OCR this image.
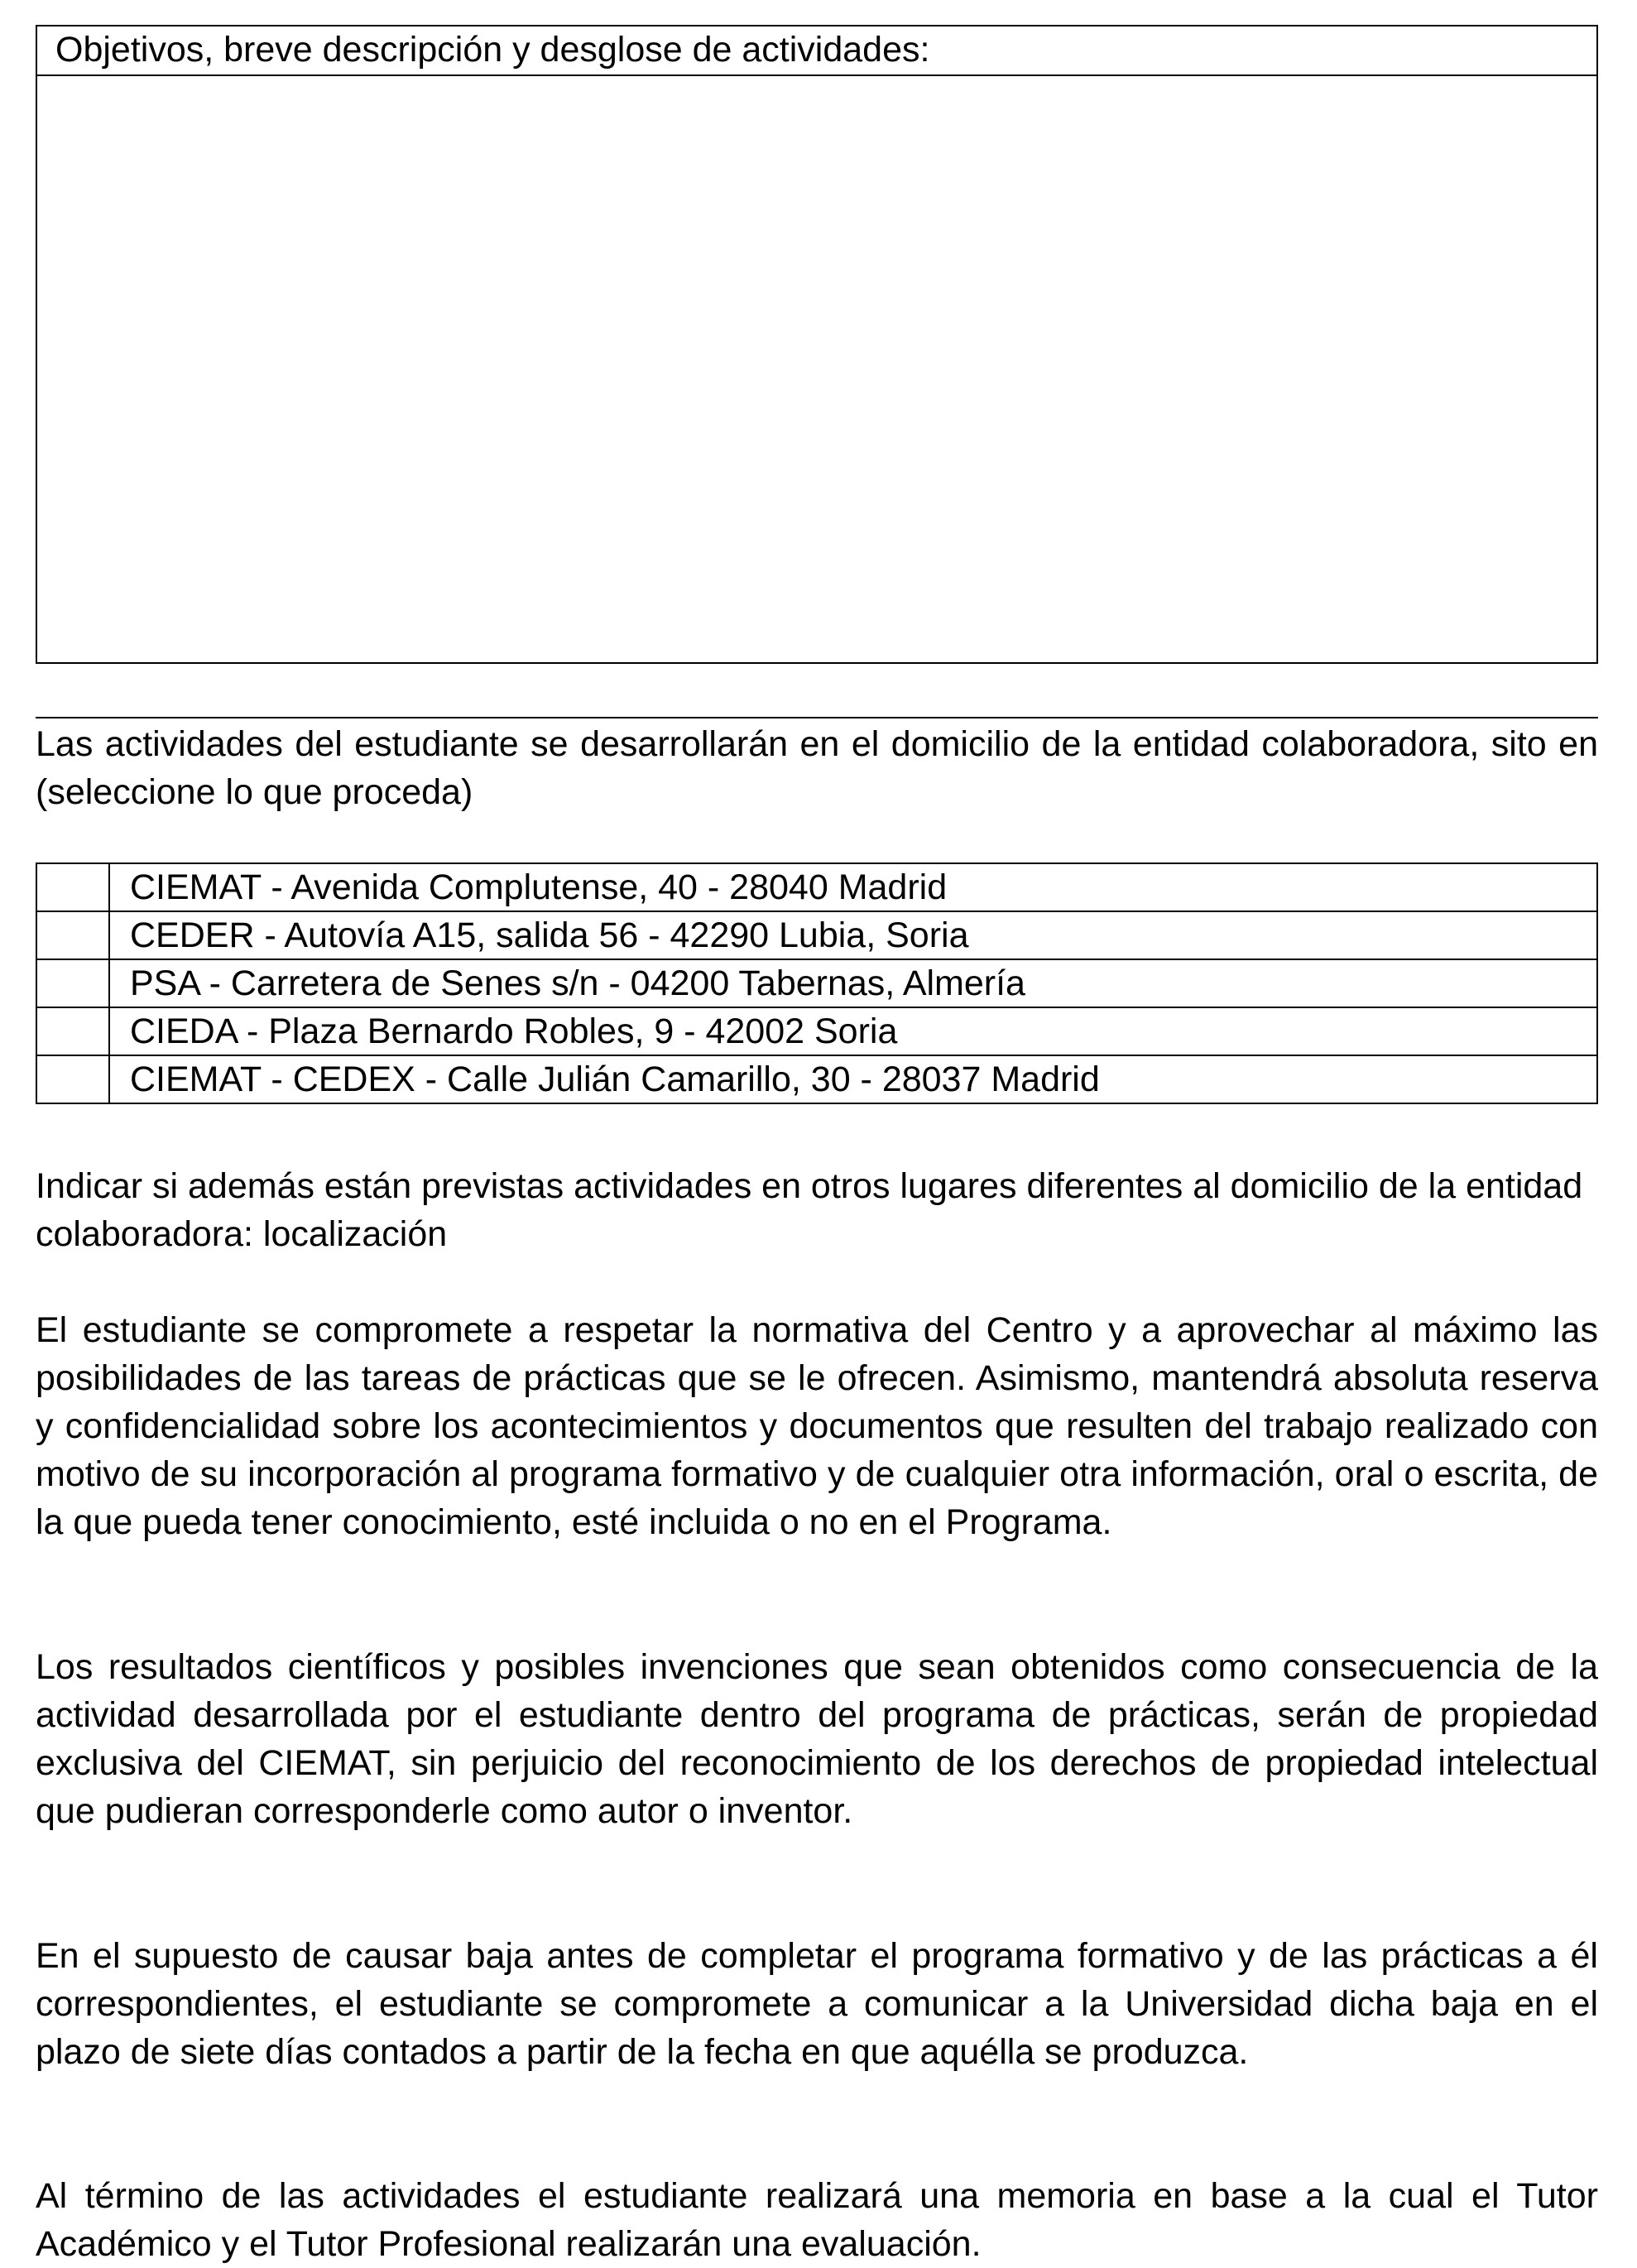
Objetivos, breve descripción y desglose de actividades:

Las actividades del estudiante se desarrollarán en el domicilio de la entidad colaboradora, sito en (seleccione lo que proceda)

	CIEMAT - Avenida Complutense, 40 - 28040 Madrid
	CEDER - Autovía A15, salida 56 - 42290 Lubia, Soria
	PSA - Carretera de Senes s/n - 04200 Tabernas, Almería
	CIEDA - Plaza Bernardo Robles, 9 - 42002 Soria
	CIEMAT - CEDEX - Calle Julián Camarillo, 30 - 28037 Madrid

Indicar si además están previstas actividades en otros lugares diferentes al domicilio de la entidad colaboradora: localización

El estudiante se compromete a respetar la normativa del Centro y a aprovechar al máximo las posibilidades de las tareas de prácticas que se le ofrecen. Asimismo, mantendrá absoluta reserva y confidencialidad sobre los acontecimientos y documentos que resulten del trabajo realizado con motivo de su incorporación al programa formativo y de cualquier otra información, oral o escrita, de la que pueda tener conocimiento, esté incluida o no en el Programa.

Los resultados científicos y posibles invenciones que sean obtenidos como consecuencia de la actividad desarrollada por el estudiante dentro del programa de prácticas, serán de propiedad exclusiva del CIEMAT, sin perjuicio del reconocimiento de los derechos de propiedad intelectual que pudieran corresponderle como autor o inventor.

En el supuesto de causar baja antes de completar el programa formativo y de las prácticas a él correspondientes, el estudiante se compromete a comunicar a la Universidad dicha baja en el plazo de siete días contados a partir de la fecha en que aquélla se produzca.

Al término de las actividades el estudiante realizará una memoria en base a la cual el Tutor Académico y el Tutor Profesional realizarán una evaluación.
